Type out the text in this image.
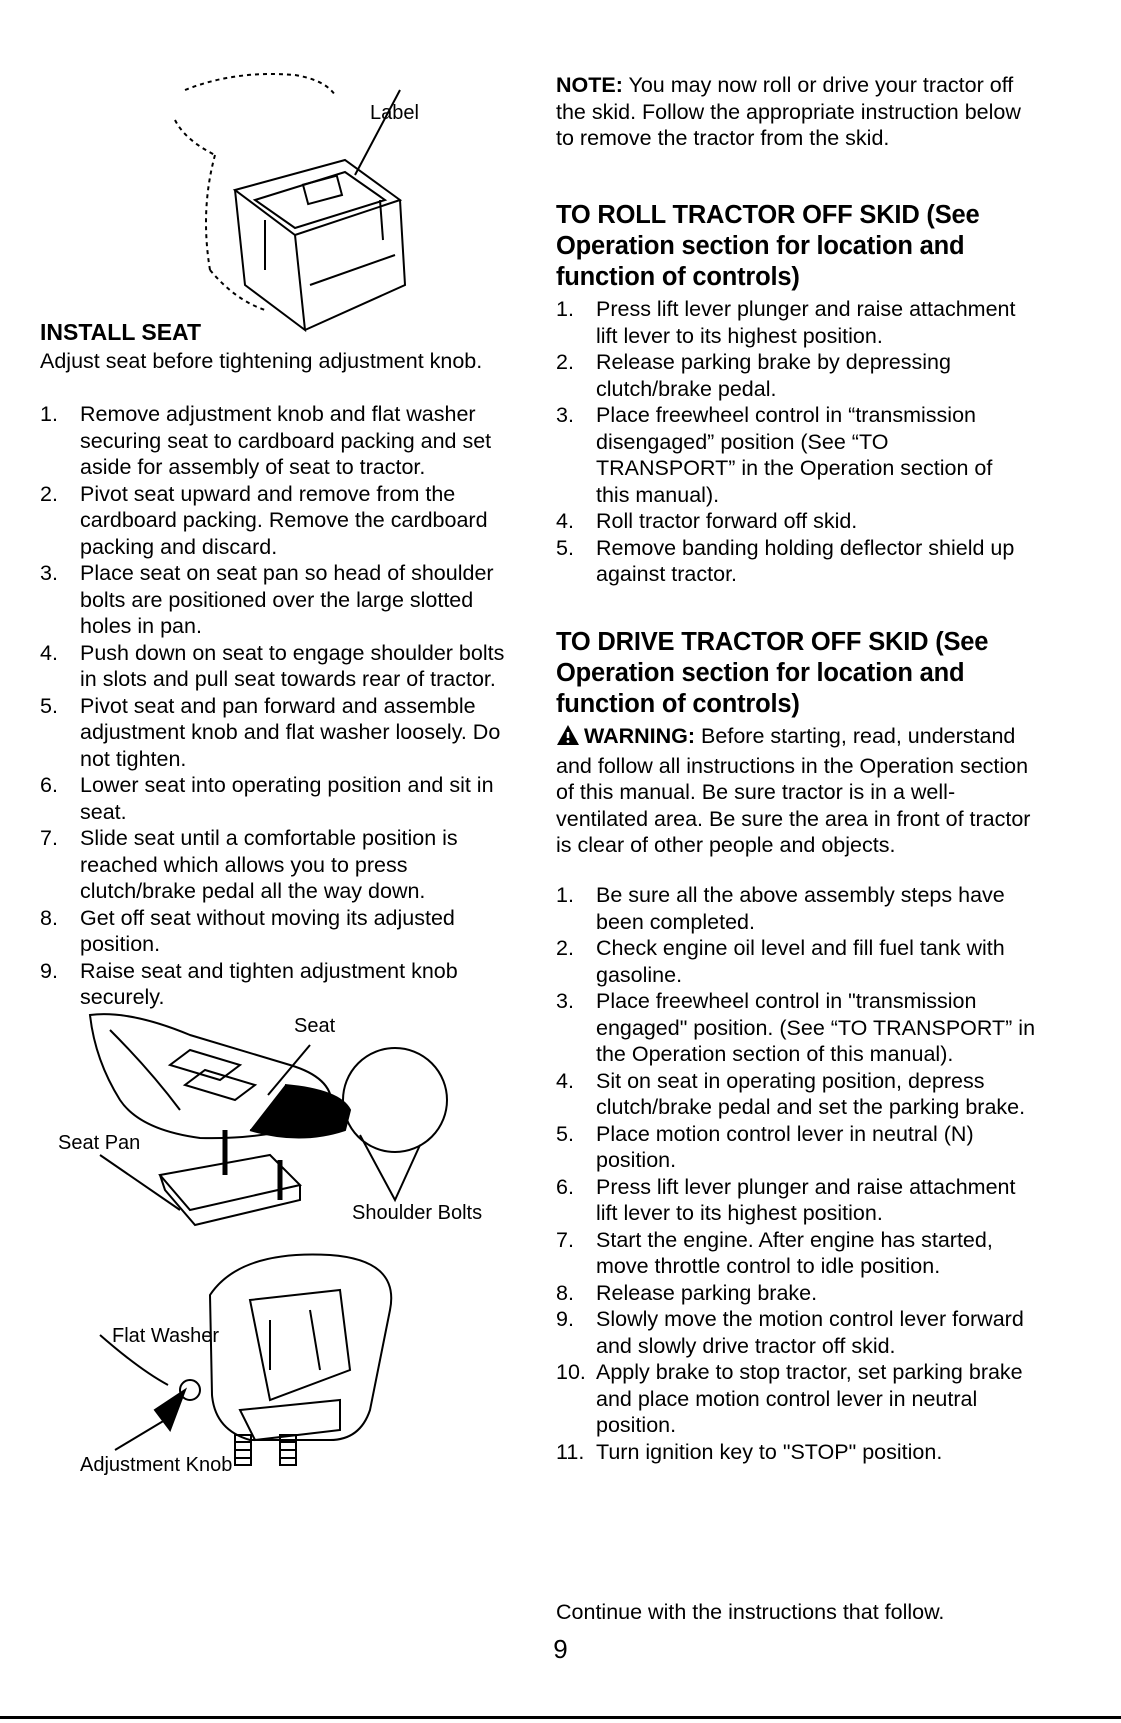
Label
INSTALL SEAT

Adjust seat before tightening adjustment knob.

1. Remove adjustment knob and flat washer securing seat to cardboard packing and set aside for assembly of seat to tractor.
2. Pivot seat upward and remove from the cardboard packing. Remove the cardboard packing and discard.
3. Place seat on seat pan so head of shoulder bolts are positioned over the large slotted holes in pan.
4. Push down on seat to engage shoulder bolts in slots and pull seat towards rear of tractor.
5. Pivot seat and pan forward and assemble adjustment knob and flat washer loosely. Do not tighten.
6. Lower seat into operating position and sit in seat.
7. Slide seat until a comfortable position is reached which allows you to press clutch/brake pedal all the way down.
8. Get off seat without moving its adjusted position.
9. Raise seat and tighten adjustment knob securely.
Seat
Seat Pan
Shoulder Bolts
Flat Washer
Adjustment Knob

NOTE: You may now roll or drive your tractor off the skid. Follow the appropriate instruction below to remove the tractor from the skid.

TO ROLL TRACTOR OFF SKID (See Operation section for location and function of controls)
1. Press lift lever plunger and raise attachment lift lever to its highest position.
2. Release parking brake by depressing clutch/brake pedal.
3. Place freewheel control in “transmission disengaged” position (See “TO TRANSPORT” in the Operation section of this manual).
4. Roll tractor forward off skid.
5. Remove banding holding deflector shield up against tractor.
TO DRIVE TRACTOR OFF SKID (See Operation section for location and function of controls)

WARNING: Before starting, read, understand and follow all instructions in the Operation section of this manual. Be sure tractor is in a well-ventilated area. Be sure the area in front of tractor is clear of other people and objects.

1. Be sure all the above assembly steps have been completed.
2. Check engine oil level and fill fuel tank with gasoline.
3. Place freewheel control in "transmission engaged" position. (See “TO TRANSPORT” in the Operation section of this manual).
4. Sit on seat in operating position, depress clutch/brake pedal and set the parking brake.
5. Place motion control lever in neutral (N) position.
6. Press lift lever plunger and raise attachment lift lever to its highest position.
7. Start the engine. After engine has started, move throttle control to idle position.
8. Release parking brake.
9. Slowly move the motion control lever forward and slowly drive tractor off skid.
10. Apply brake to stop tractor, set parking brake and place motion control lever in neutral position.
11. Turn ignition key to "STOP" position.

Continue with the instructions that follow.

9
